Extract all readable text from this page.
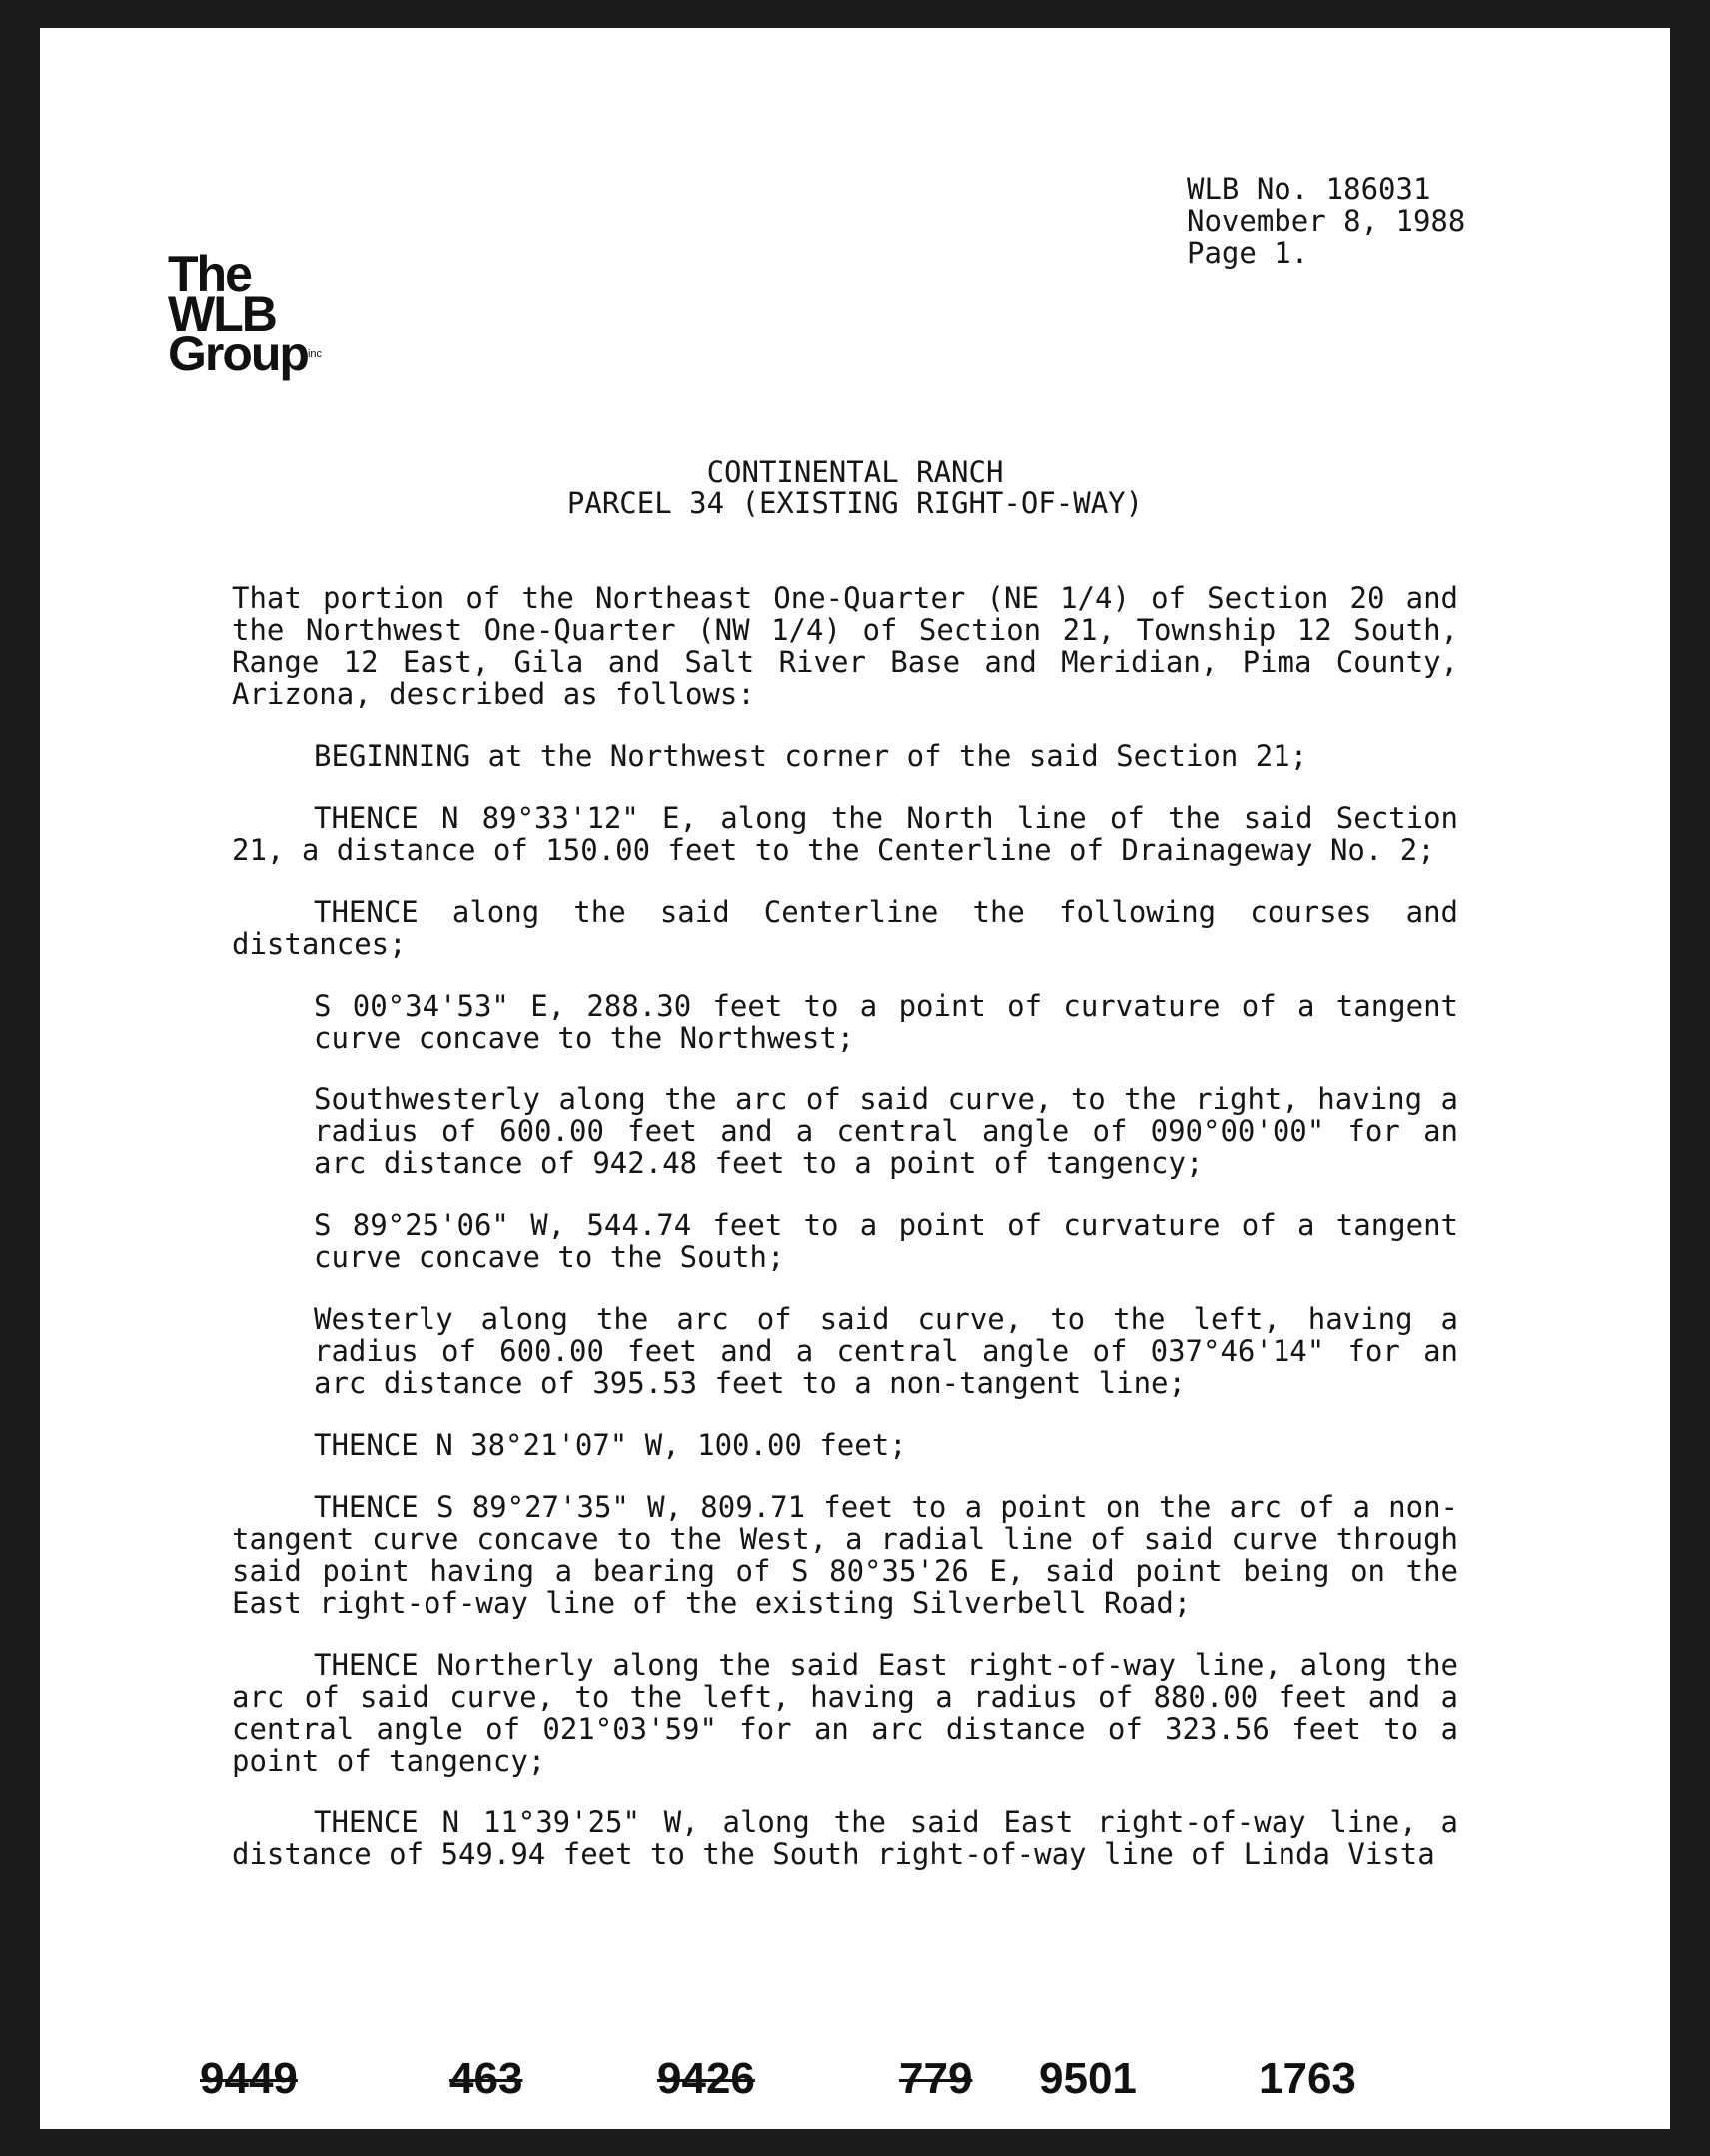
WLB No. 186031
November 8, 1988
Page 1.
The
WLB
Groupinc
CONTINENTAL RANCH
PARCEL 34 (EXISTING RIGHT-OF-WAY)

That portion of the Northeast One-Quarter (NE 1/4) of Section 20 and the Northwest One-Quarter (NW 1/4) of Section 21, Township 12 South, Range 12 East, Gila and Salt River Base and Meridian, Pima County, Arizona, described as follows:

BEGINNING at the Northwest corner of the said Section 21;

THENCE N 89°33'12" E, along the North line of the said Section 21, a distance of 150.00 feet to the Centerline of Drainageway No. 2;

THENCE along the said Centerline the following courses and distances;

S 00°34'53" E, 288.30 feet to a point of curvature of a tangent curve concave to the Northwest;

Southwesterly along the arc of said curve, to the right, having a radius of 600.00 feet and a central angle of 090°00'00" for an arc distance of 942.48 feet to a point of tangency;

S 89°25'06" W, 544.74 feet to a point of curvature of a tangent curve concave to the South;

Westerly along the arc of said curve, to the left, having a radius of 600.00 feet and a central angle of 037°46'14" for an arc distance of 395.53 feet to a non-tangent line;

THENCE N 38°21'07" W, 100.00 feet;

THENCE S 89°27'35" W, 809.71 feet to a point on the arc of a non-tangent curve concave to the West, a radial line of said curve through said point having a bearing of S 80°35'26 E, said point being on the East right-of-way line of the existing Silverbell Road;

THENCE Northerly along the said East right-of-way line, along the arc of said curve, to the left, having a radius of 880.00 feet and a central angle of 021°03'59" for an arc distance of 323.56 feet to a point of tangency;

THENCE N 11°39'25" W, along the said East right-of-way line, a distance of 549.94 feet to the South right-of-way line of Linda Vista

9449	463	9426	779 9501	1763
